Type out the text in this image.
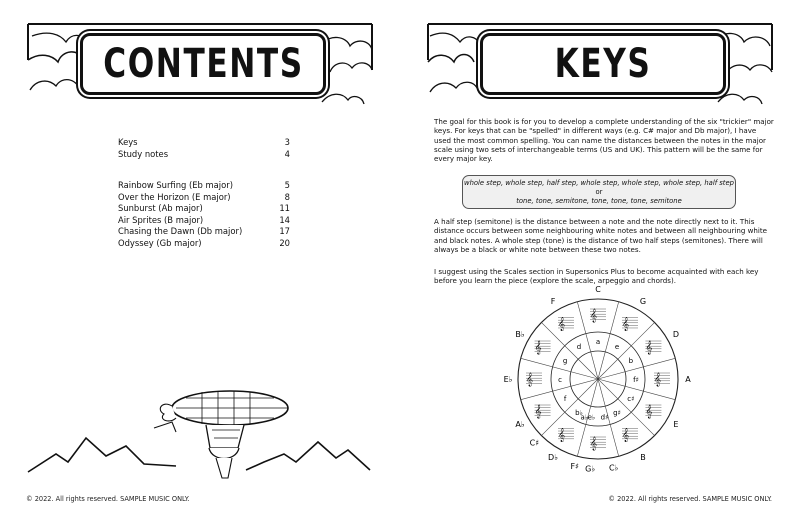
CONTENTS
Keys	3
Study notes	4
Rainbow Surfing (Eb major)	5
Over the Horizon (E major)	8
Sunburst (Ab major)	11
Air Sprites (B major)	14
Chasing the Dawn (Db major)	17
Odyssey (Gb major)	20
© 2022. All rights reserved. SAMPLE MUSIC ONLY.
KEYS

The goal for this book is for you to develop a complete understanding of the six "trickier" major keys. For keys that can be "spelled" in different ways (e.g. C# major and Db major), I have used the most common spelling. You can name the distances between the notes in the major scale using two sets of interchangeable terms (US and UK). This pattern will be the same for every major key.

whole step, whole step, half step, whole step, whole step, whole step, half step
or
tone, tone, semitone, tone, tone, tone, semitone

A half step (semitone) is the distance between a note and the note directly next to it. This distance occurs between some neighbouring white notes and between all neighbouring white and black notes. A whole step (tone) is the distance of two half steps (semitones). There will always be a black or white note between these two notes.

I suggest using the Scales section in Supersonics Plus to become acquainted with each key before you learn the piece (explore the scale, arpeggio and chords).

𝄞
𝄞
𝄞
𝄞
𝄞
𝄞
𝄞
𝄞
𝄞
𝄞
𝄞
𝄞
C
G
D
A
E
B
C♭
G♭
F♯
D♭
C♯
A♭
E♭
B♭
F
a
e
b
f♯
c♯
g♯
d♯
e♭
b♭
f
c
g
d
a♭
© 2022. All rights reserved. SAMPLE MUSIC ONLY.
